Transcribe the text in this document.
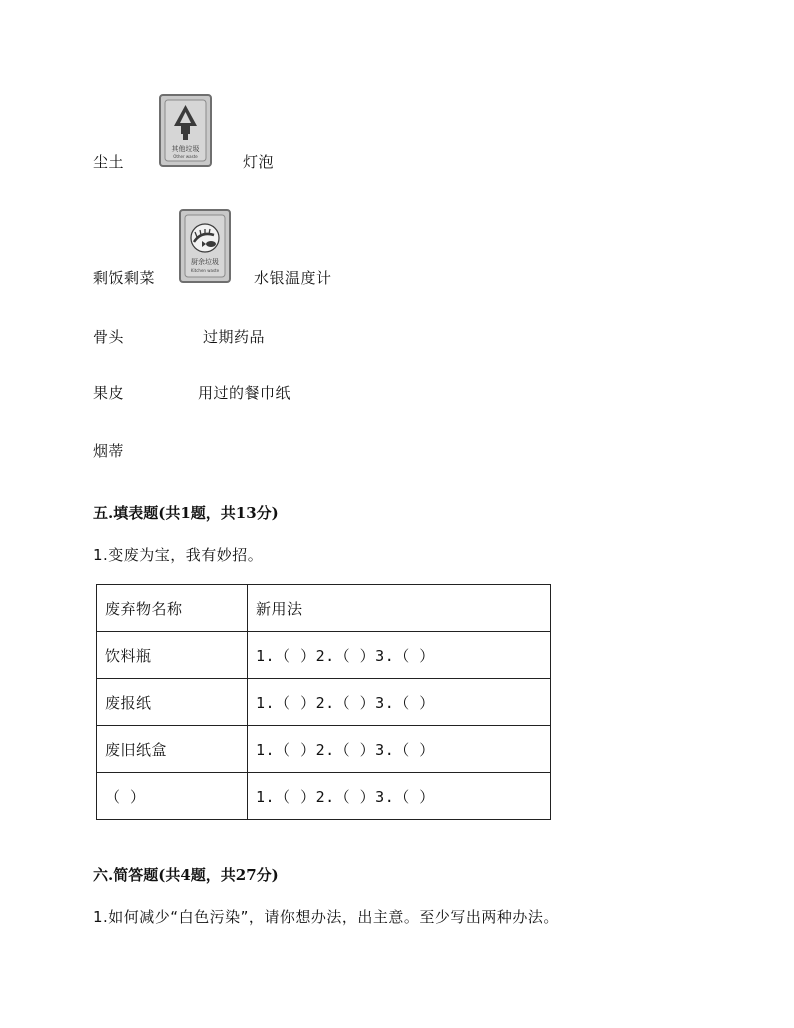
尘土
剩饭剩菜
骨头
果皮
烟蒂
灯泡
水银温度计
过期药品
用过的餐巾纸
其他垃圾
Other waste
厨余垃圾
Kitchen waste
五.填表题(共1题，共13分)
1.变废为宝，我有妙招。
废弃物名称	新用法
饮料瓶	1.（ ）2.（ ）3.（ ）
废报纸	1.（ ）2.（ ）3.（ ）
废旧纸盒	1.（ ）2.（ ）3.（ ）
（ ）	1.（ ）2.（ ）3.（ ）
六.简答题(共4题，共27分)
1.如何减少“白色污染”，请你想办法，出主意。至少写出两种办法。
